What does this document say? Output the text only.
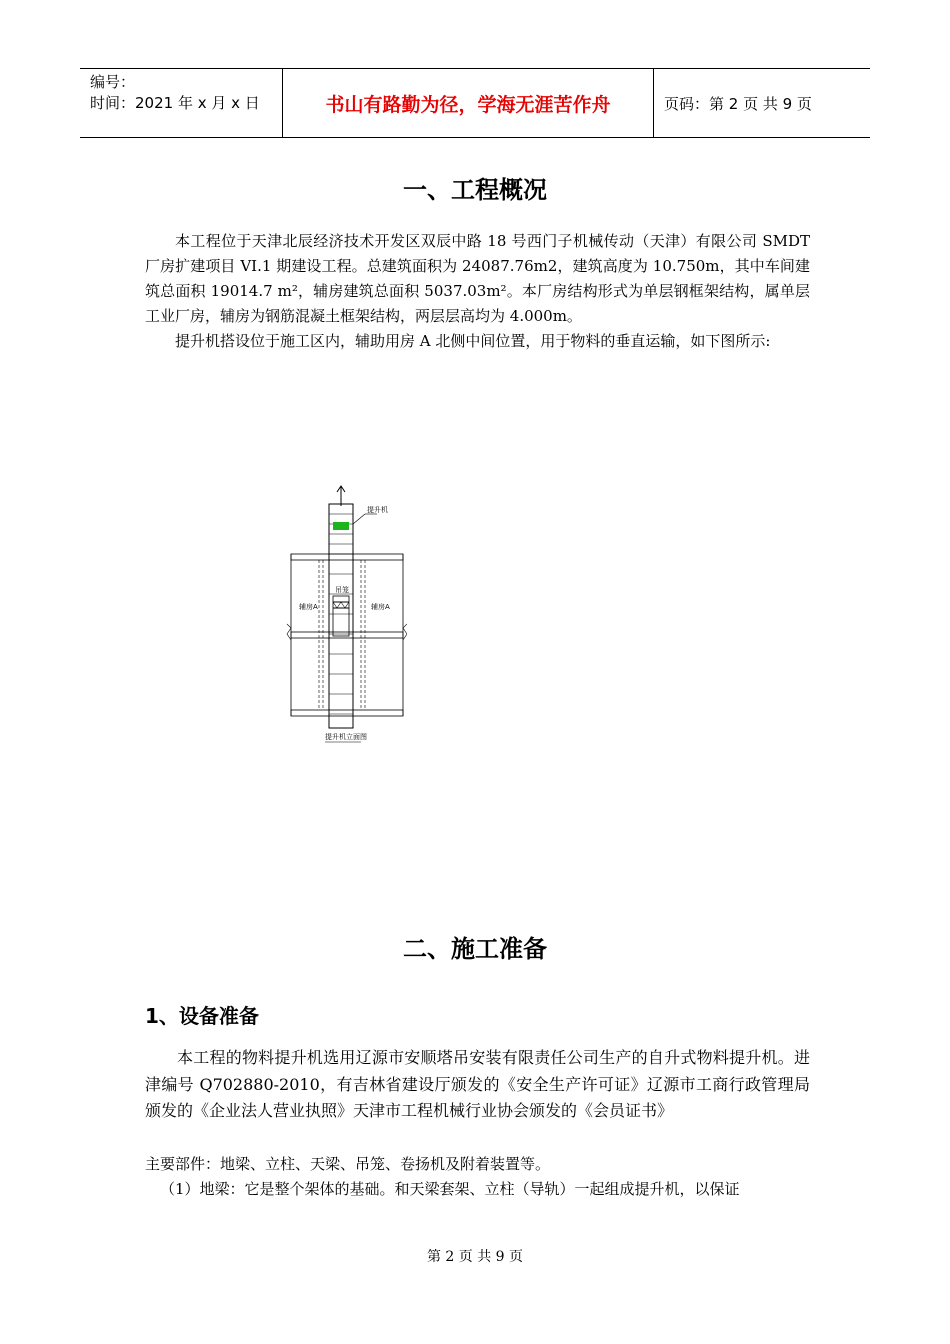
编号：
时间：2021 年 x 月 x 日	书山有路勤为径，学海无涯苦作舟	页码：第 2 页 共 9 页
一、工程概况

本工程位于天津北辰经济技术开发区双辰中路 18 号西门子机械传动（天津）有限公司 SMDT 厂房扩建项目 VI.1 期建设工程。总建筑面积为 24087.76m2，建筑高度为 10.750m，其中车间建筑总面积 19014.7 m²，辅房建筑总面积 5037.03m²。本厂房结构形式为单层钢框架结构，属单层工业厂房，辅房为钢筋混凝土框架结构，两层层高均为 4.000m。

提升机搭设位于施工区内，辅助用房 A 北侧中间位置，用于物料的垂直运输，如下图所示:

提升机
辅房A	辅房A
吊笼
提升机立面图
二、施工准备
1、设备准备

本工程的物料提升机选用辽源市安顺塔吊安装有限责任公司生产的自升式物料提升机。进津编号 Q702880-2010，有吉林省建设厅颁发的《安全生产许可证》辽源市工商行政管理局颁发的《企业法人营业执照》天津市工程机械行业协会颁发的《会员证书》

主要部件：地梁、立柱、天梁、吊笼、卷扬机及附着装置等。
（1）地梁：它是整个架体的基础。和天梁套架、立柱（导轨）一起组成提升机，以保证
第 2 页 共 9 页
